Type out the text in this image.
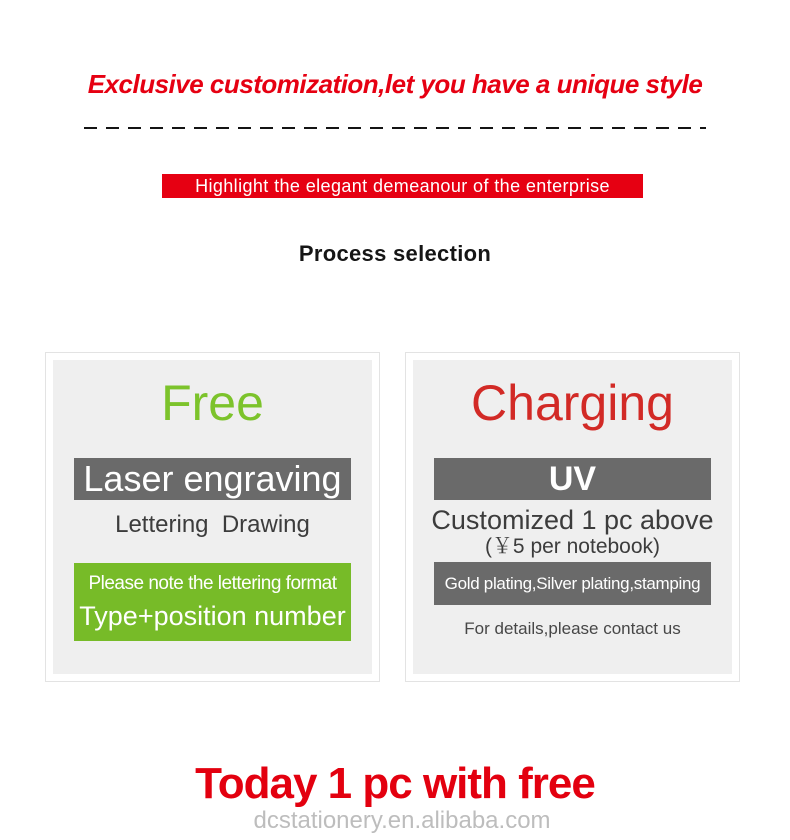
Exclusive customization,let you have a unique style
Highlight the elegant demeanour of the enterprise
Process selection
Free
Laser engraving
Lettering  Drawing
Please note the lettering format
Type+position number
Charging
UV
Customized 1 pc above
(￥5 per notebook)
Gold plating,Silver plating,stamping
For details,please contact us
Today 1 pc with free
dcstationery.en.alibaba.com
